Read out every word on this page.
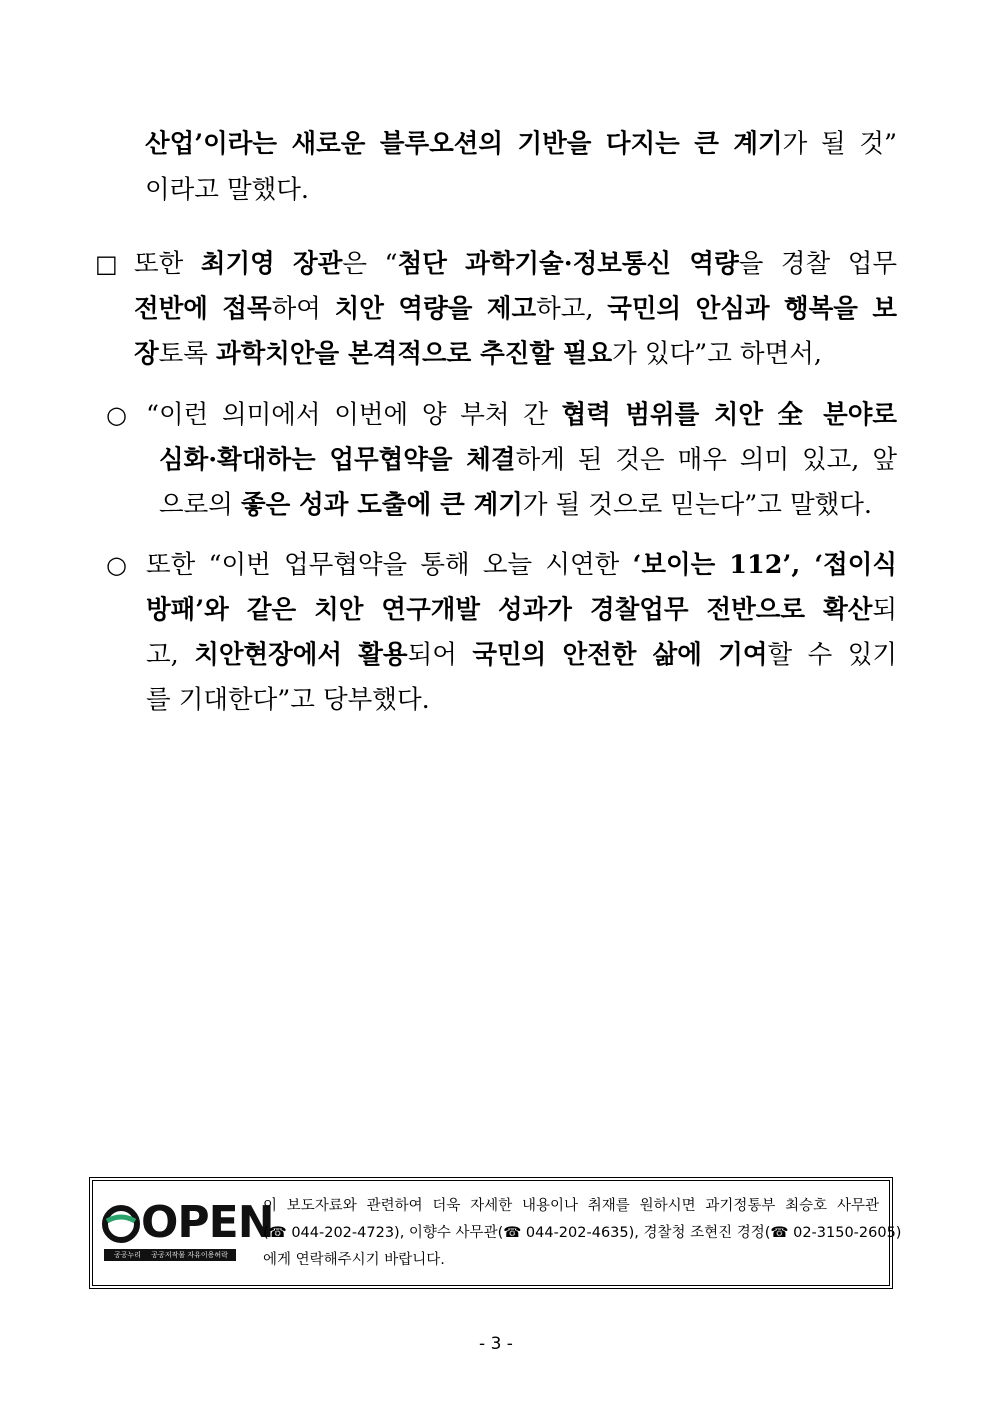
산업’이라는 새로운 블루오션의 기반을 다지는 큰 계기가 될 것”
이라고 말했다.
□ 또한 최기영 장관은 “첨단 과학기술·정보통신 역량을 경찰 업무
전반에 접목하여 치안 역량을 제고하고, 국민의 안심과 행복을 보
장토록 과학치안을 본격적으로 추진할 필요가 있다”고 하면서,
○ “이런 의미에서 이번에 양 부처 간 협력 범위를 치안 全 분야로
심화·확대하는 업무협약을 체결하게 된 것은 매우 의미 있고, 앞
으로의 좋은 성과 도출에 큰 계기가 될 것으로 믿는다”고 말했다.
○ 또한 “이번 업무협약을 통해 오늘 시연한 ‘보이는 112’, ‘접이식
방패’와 같은 치안 연구개발 성과가 경찰업무 전반으로 확산되
고, 치안현장에서 활용되어 국민의 안전한 삶에 기여할 수 있기
를 기대한다”고 당부했다.
OPEN
공공누리 공공저작물 자유이용허락
이 보도자료와 관련하여 더욱 자세한 내용이나 취재를 원하시면 과기정통부 최승호 사무관
(☎ 044-202-4723), 이향수 사무관(☎ 044-202-4635), 경찰청 조현진 경정(☎ 02-3150-2605)
에게 연락해주시기 바랍니다.
- 3 -
